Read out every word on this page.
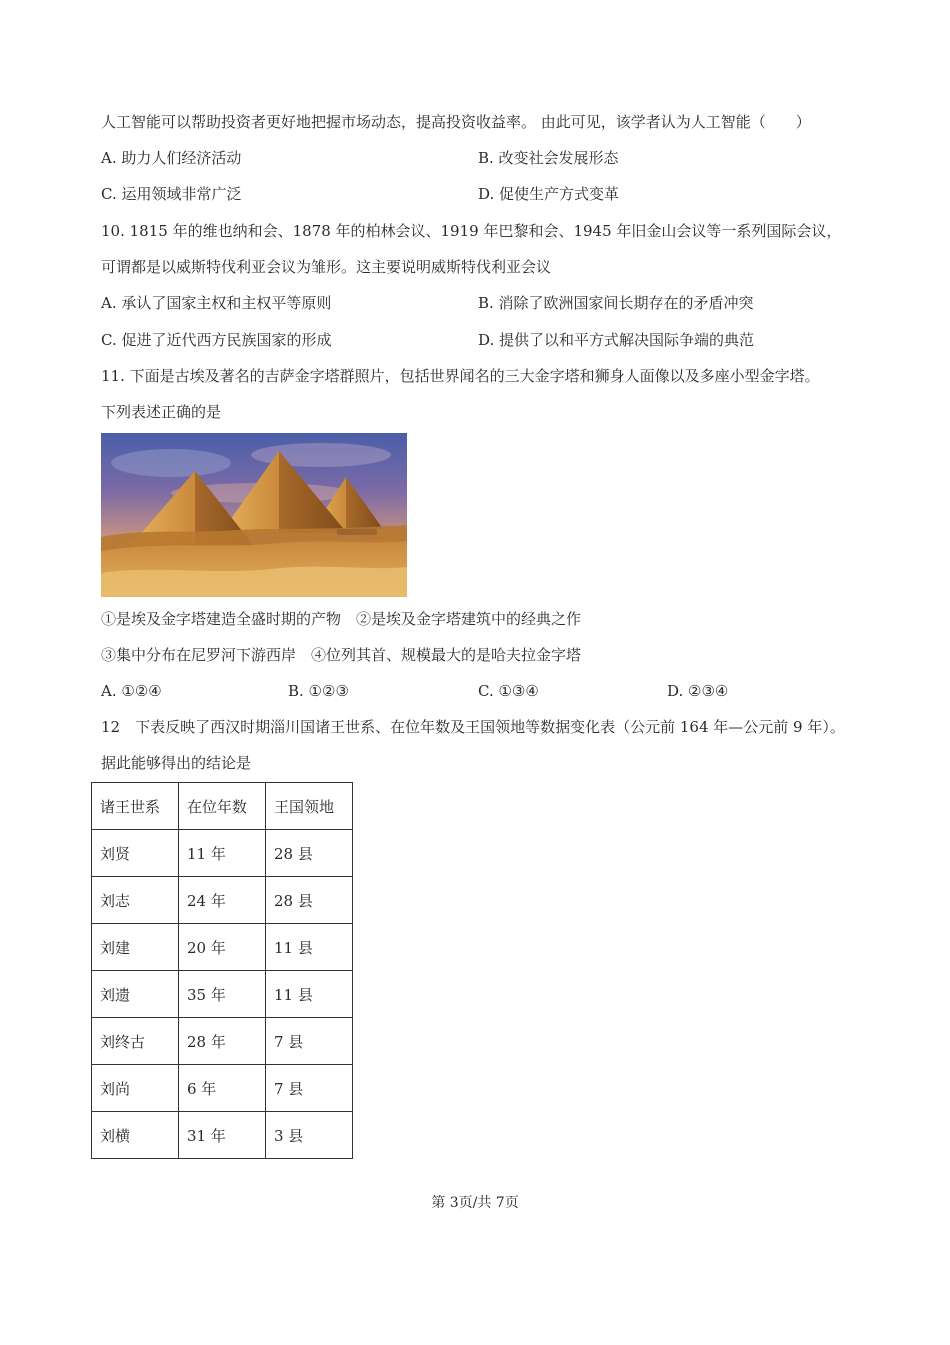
人工智能可以帮助投资者更好地把握市场动态，提高投资收益率。 由此可见，该学者认为人工智能（　　）
A. 助力人们经济活动	B. 改变社会发展形态
C. 运用领域非常广泛	D. 促使生产方式变革
10. 1815 年的维也纳和会、1878 年的柏林会议、1919 年巴黎和会、1945 年旧金山会议等一系列国际会议，
可谓都是以威斯特伐利亚会议为雏形。这主要说明威斯特伐利亚会议
A. 承认了国家主权和主权平等原则	B. 消除了欧洲国家间长期存在的矛盾冲突
C. 促进了近代西方民族国家的形成	D. 提供了以和平方式解决国际争端的典范
11. 下面是古埃及著名的吉萨金字塔群照片，包括世界闻名的三大金字塔和狮身人面像以及多座小型金字塔。
下列表述正确的是
①是埃及金字塔建造全盛时期的产物　②是埃及金字塔建筑中的经典之作
③集中分布在尼罗河下游西岸　④位列其首、规模最大的是哈夫拉金字塔
A. ①②④	B. ①②③	C. ①③④	D. ②③④
12　下表反映了西汉时期淄川国诸王世系、在位年数及王国领地等数据变化表（公元前 164 年—公元前 9 年）。
据此能够得出的结论是
诸王世系	在位年数	王国领地
刘贤	11 年	28 县
刘志	24 年	28 县
刘建	20 年	11 县
刘遗	35 年	11 县
刘终古	28 年	7 县
刘尚	6 年	7 县
刘横	31 年	3 县
第 3页/共 7页
